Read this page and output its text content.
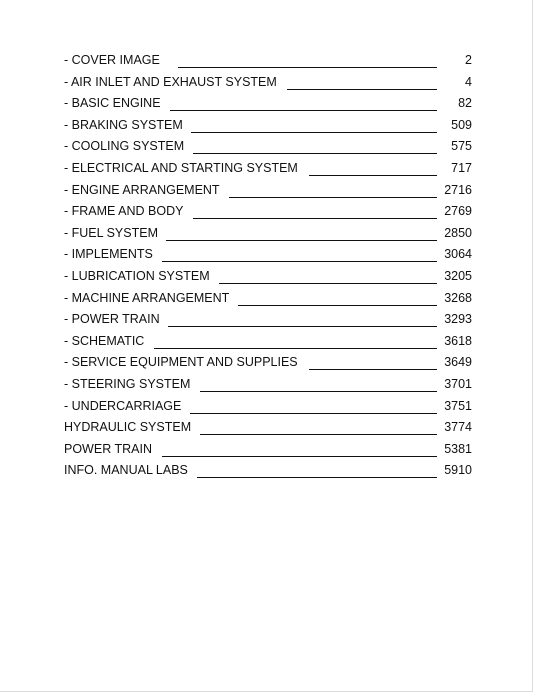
- COVER IMAGE	2
- AIR INLET AND EXHAUST SYSTEM	4
- BASIC ENGINE	82
- BRAKING SYSTEM	509
- COOLING SYSTEM	575
- ELECTRICAL AND STARTING SYSTEM	717
- ENGINE ARRANGEMENT	2716
- FRAME AND BODY	2769
- FUEL SYSTEM	2850
- IMPLEMENTS	3064
- LUBRICATION SYSTEM	3205
- MACHINE ARRANGEMENT	3268
- POWER TRAIN	3293
- SCHEMATIC	3618
- SERVICE EQUIPMENT AND SUPPLIES	3649
- STEERING SYSTEM	3701
- UNDERCARRIAGE	3751
HYDRAULIC SYSTEM	3774
POWER TRAIN	5381
INFO. MANUAL LABS	5910
